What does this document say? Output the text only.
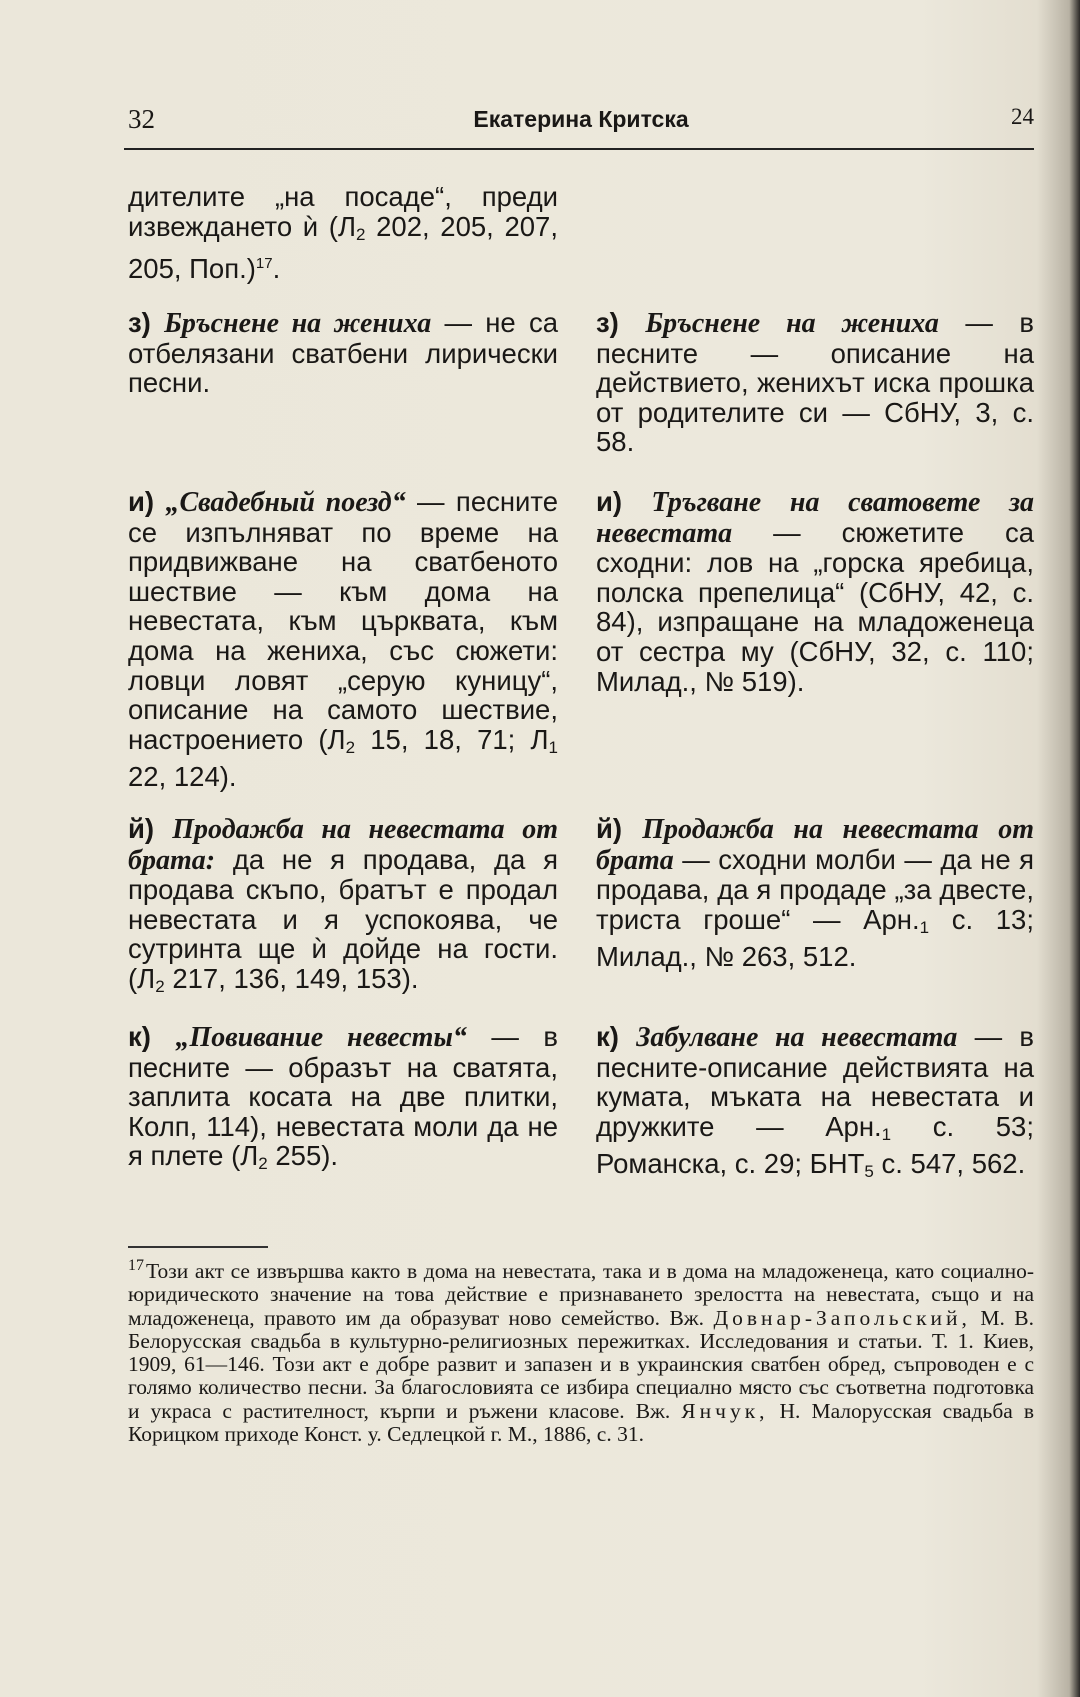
32	Екатерина Критска	24
дителите „на посаде“, преди извеждането ѝ ($Л_2$ 202, 205, 207, 205, Поп.)$^{17}$.
з) Бръснене на жениха — не са отбелязани сватбени лирически песни.
з) Бръснене на жениха — в песните — описание на действието, женихът иска прошка от родителите си — СбНУ, 3, с. 58.
и) „Свадебный поезд“ — песните се изпълняват по време на придвижване на сватбеното шествие — към дома на невестата, към църквата, към дома на жениха, със сюжети: ловци ловят „серую куницу“, описание на самото шествие, настроението ($Л_2$ 15, 18, 71; $Л_1$ 22, 124).
и) Тръгване на сватовете за невестата — сюжетите са сходни: лов на „горска яребица, полска препелица“ (СбНУ, 42, с. 84), изпращане на младоженеца от сестра му (СбНУ, 32, с. 110; Милад., № 519).
й) Продажба на невестата от брата: да не я продава, да я продава скъпо, братът е продал невестата и я успокоява, че сутринта ще ѝ дойде на гости. ($Л_2$ 217, 136, 149, 153).
й) Продажба на невестата от брата — сходни молби — да не я продава, да я продаде „за двесте, триста гроше“ — $Арн._1$ с. 13; Милад., № 263, 512.
к) „Повивание невесты“ — в песните — образът на сватята, заплита косата на две плитки, Колп, 114), невестата моли да не я плете ($Л_2$ 255).
к) Забулване на невестата — в песните-описание действията на кумата, мъката на невестата и дружките — $Арн._1$ с. 53; Романска, с. 29; $БНТ_5$ с. 547, 562.
$^{17}$Този акт се извършва както в дома на невестата, така и в дома на младоженеца, като социално-юридическото значение на това действие е признаването зрелостта на невестата, също и на младоженеца, правото им да образуват ново семейство. Вж. Довнар-Запольский, М. В. Белорусская свадьба в культурно-религиозных пережитках. Исследования и статьи. Т. 1. Киев, 1909, 61—146. Този акт е добре развит и запазен и в украинския сватбен обред, съпроводен е с голямо количество песни. За благословията се избира специално място със съответна подготовка и украса с растителност, кърпи и ръжени класове. Вж. Янчук, Н. Малорусская свадьба в Корицком приходе Конст. у. Седлецкой г. М., 1886, с. 31.
